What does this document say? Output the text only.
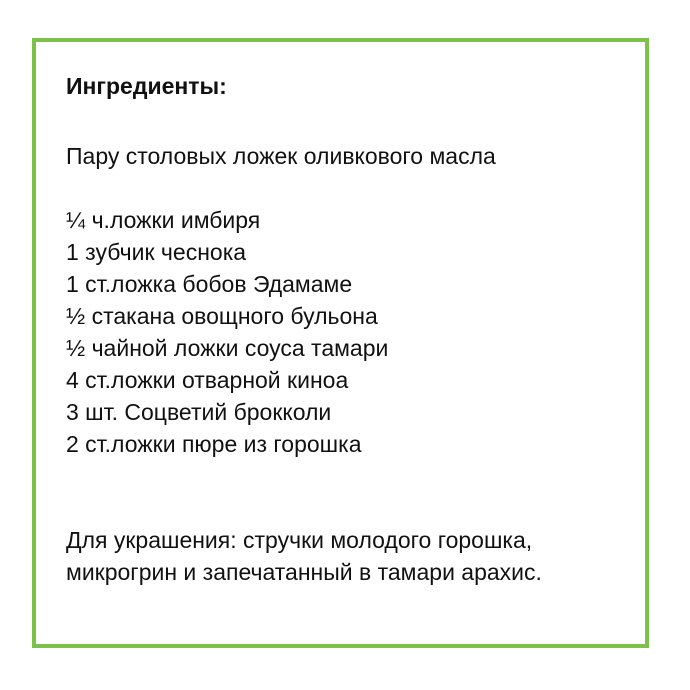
Ингредиенты:

Пару столовых ложек оливкового масла

¼ ч.ложки имбиря
1 зубчик чеснока
1 ст.ложка бобов Эдамаме
½ стакана овощного бульона
½ чайной ложки соуса тамари
4 ст.ложки отварной киноа
3 шт. Соцветий брокколи
2 ст.ложки пюре из горошка

Для украшения: стручки молодого горошка, микрогрин и запечатанный в тамари арахис.
